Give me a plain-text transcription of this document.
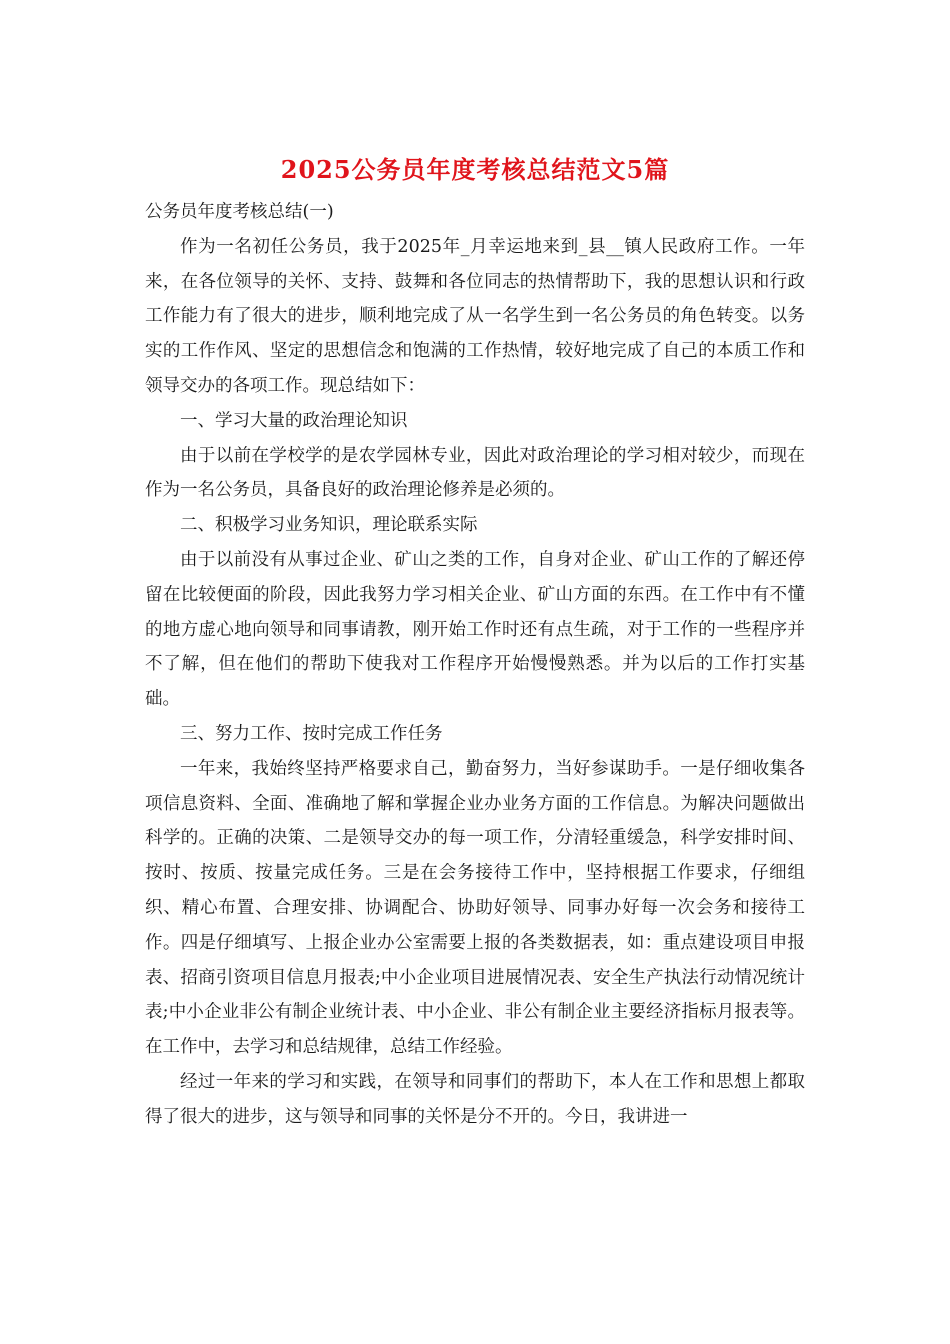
2025公务员年度考核总结范文5篇

公务员年度考核总结(一)

作为一名初任公务员，我于2025年_月幸运地来到_县__镇人民政府工作。一年来，在各位领导的关怀、支持、鼓舞和各位同志的热情帮助下，我的思想认识和行政工作能力有了很大的进步，顺利地完成了从一名学生到一名公务员的角色转变。以务实的工作作风、坚定的思想信念和饱满的工作热情，较好地完成了自己的本质工作和领导交办的各项工作。现总结如下：

一、学习大量的政治理论知识

由于以前在学校学的是农学园林专业，因此对政治理论的学习相对较少，而现在作为一名公务员，具备良好的政治理论修养是必须的。

二、积极学习业务知识，理论联系实际

由于以前没有从事过企业、矿山之类的工作，自身对企业、矿山工作的了解还停留在比较便面的阶段，因此我努力学习相关企业、矿山方面的东西。在工作中有不懂的地方虚心地向领导和同事请教，刚开始工作时还有点生疏，对于工作的一些程序并不了解，但在他们的帮助下使我对工作程序开始慢慢熟悉。并为以后的工作打实基础。

三、努力工作、按时完成工作任务

一年来，我始终坚持严格要求自己，勤奋努力，当好参谋助手。一是仔细收集各项信息资料、全面、准确地了解和掌握企业办业务方面的工作信息。为解决问题做出科学的。正确的决策、二是领导交办的每一项工作，分清轻重缓急，科学安排时间、按时、按质、按量完成任务。三是在会务接待工作中，坚持根据工作要求，仔细组织、精心布置、合理安排、协调配合、协助好领导、同事办好每一次会务和接待工作。四是仔细填写、上报企业办公室需要上报的各类数据表，如：重点建设项目申报表、招商引资项目信息月报表;中小企业项目进展情况表、安全生产执法行动情况统计表;中小企业非公有制企业统计表、中小企业、非公有制企业主要经济指标月报表等。在工作中，去学习和总结规律，总结工作经验。

经过一年来的学习和实践，在领导和同事们的帮助下，本人在工作和思想上都取得了很大的进步，这与领导和同事的关怀是分不开的。今日，我讲进一
